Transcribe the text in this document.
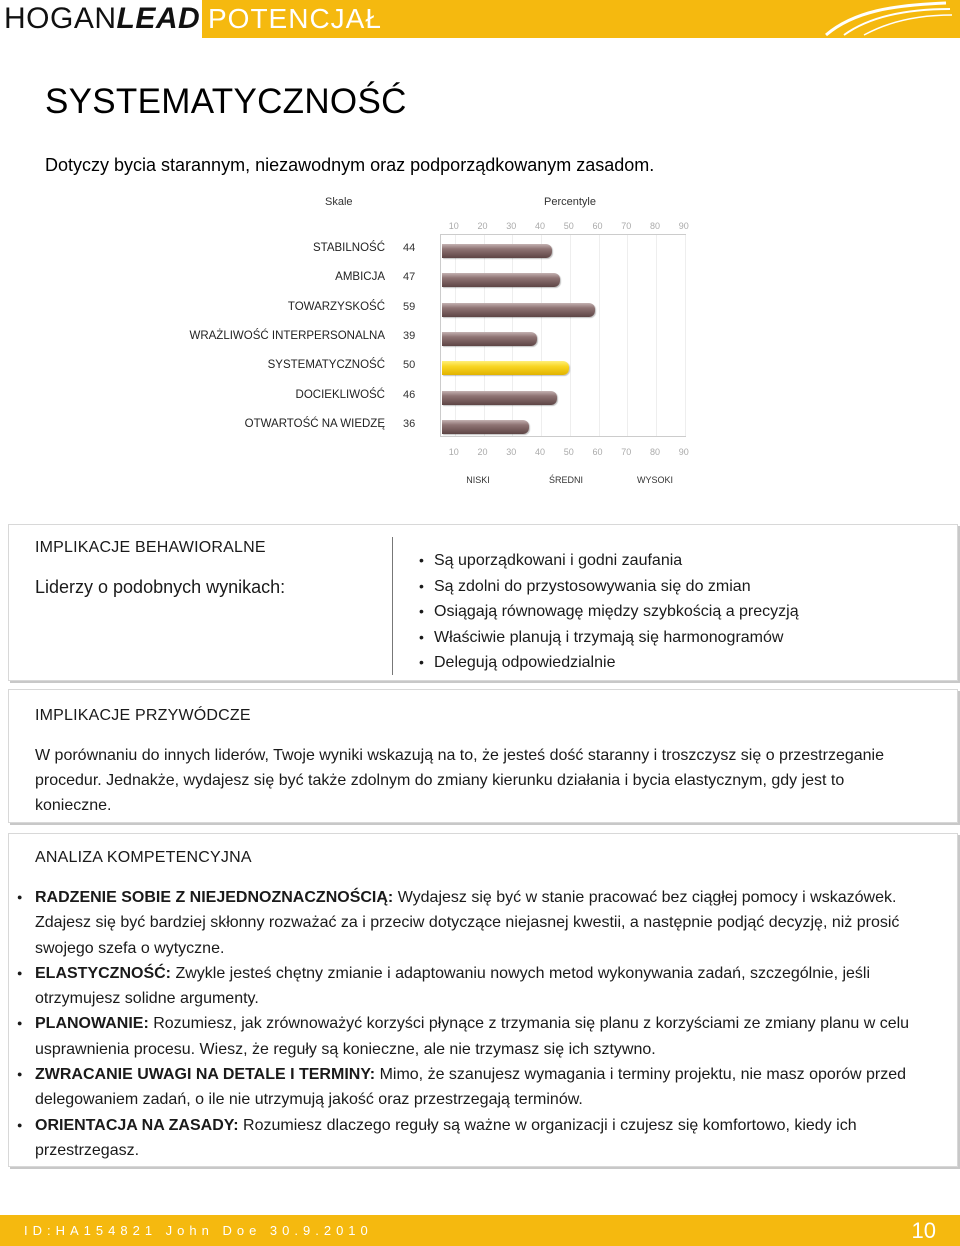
HOGANLEAD POTENCJAŁ
SYSTEMATYCZNOŚĆ
Dotyczy bycia starannym, niezawodnym oraz podporządkowanym zasadom.
Skale	Percentyle
10
10
20
20
30
30
40
40
50
50
60
60
70
70
80
80
90
90
STABILNOŚĆ 44
AMBICJA 47
TOWARZYSKOŚĆ 59
WRAŻLIWOŚĆ INTERPERSONALNA 39
SYSTEMATYCZNOŚĆ 50
DOCIEKLIWOŚĆ 46
OTWARTOŚĆ NA WIEDZĘ 36
NISKI	ŚREDNI	WYSOKI
IMPLIKACJE BEHAWIORALNE
Liderzy o podobnych wynikach:
• Są uporządkowani i godni zaufania
• Są zdolni do przystosowywania się do zmian
• Osiągają równowagę między szybkością a precyzją
• Właściwie planują i trzymają się harmonogramów
• Delegują odpowiedzialnie
IMPLIKACJE PRZYWÓDCZE
W porównaniu do innych liderów, Twoje wyniki wskazują na to, że jesteś dość staranny i troszczysz się o przestrzeganie procedur. Jednakże, wydajesz się być także zdolnym do zmiany kierunku działania i bycia elastycznym, gdy jest to konieczne.
ANALIZA KOMPETENCYJNA
● RADZENIE SOBIE Z NIEJEDNOZNACZNOŚCIĄ: Wydajesz się być w stanie pracować bez ciągłej pomocy i wskazówek. Zdajesz się być bardziej skłonny rozważać za i przeciw dotyczące niejasnej kwestii, a następnie podjąć decyzję, niż prosić swojego szefa o wytyczne.
● ELASTYCZNOŚĆ: Zwykle jesteś chętny zmianie i adaptowaniu nowych metod wykonywania zadań, szczególnie, jeśli otrzymujesz solidne argumenty.
● PLANOWANIE: Rozumiesz, jak zrównoważyć korzyści płynące z trzymania się planu z korzyściami ze zmiany planu w celu usprawnienia procesu. Wiesz, że reguły są konieczne, ale nie trzymasz się ich sztywno.
● ZWRACANIE UWAGI NA DETALE I TERMINY: Mimo, że szanujesz wymagania i terminy projektu, nie masz oporów przed delegowaniem zadań, o ile nie utrzymują jakość oraz przestrzegają terminów.
● ORIENTACJA NA ZASADY: Rozumiesz dlaczego reguły są ważne w organizacji i czujesz się komfortowo, kiedy ich przestrzegasz.
ID:HA154821 John Doe 30.9.2010	10
